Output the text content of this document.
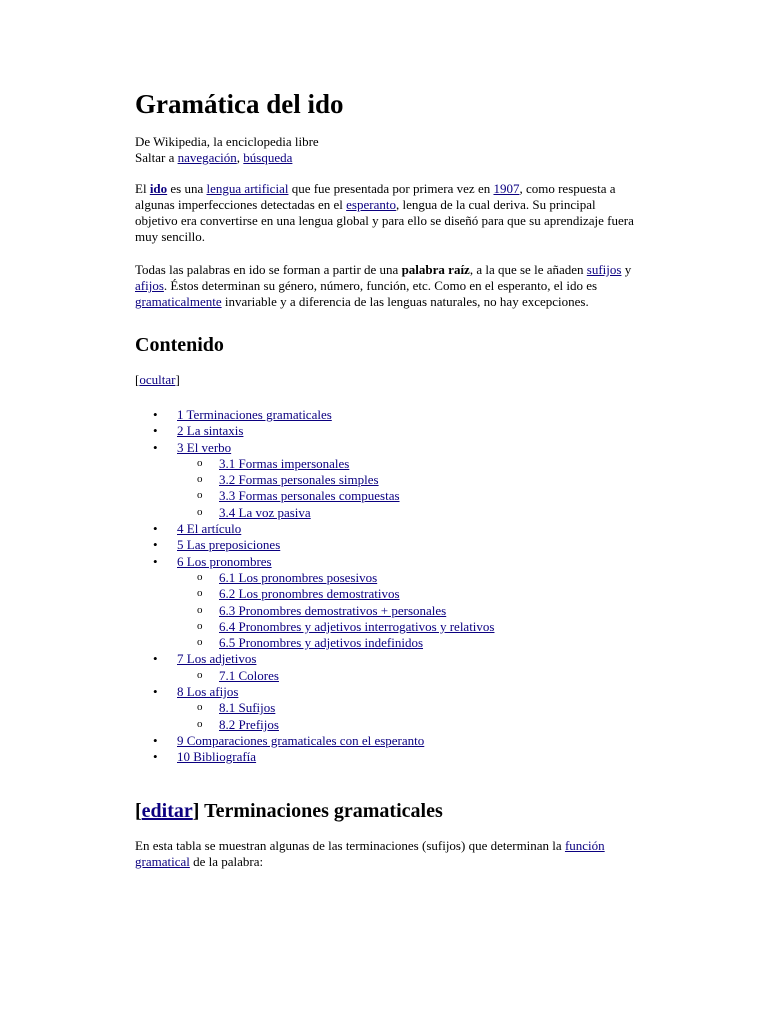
Gramática del ido

De Wikipedia, la enciclopedia libre
Saltar a navegación, búsqueda

El ido es una lengua artificial que fue presentada por primera vez en 1907, como respuesta a algunas imperfecciones detectadas en el esperanto, lengua de la cual deriva. Su principal objetivo era convertirse en una lengua global y para ello se diseñó para que su aprendizaje fuera muy sencillo.

Todas las palabras en ido se forman a partir de una palabra raíz, a la que se le añaden sufijos y afijos. Éstos determinan su género, número, función, etc. Como en el esperanto, el ido es gramaticalmente invariable y a diferencia de las lenguas naturales, no hay excepciones.

Contenido

[ocultar]

• 1 Terminaciones gramaticales
• 2 La sintaxis
• 3 El verbo
o 3.1 Formas impersonales
o 3.2 Formas personales simples
o 3.3 Formas personales compuestas
o 3.4 La voz pasiva
• 4 El artículo
• 5 Las preposiciones
• 6 Los pronombres
o 6.1 Los pronombres posesivos
o 6.2 Los pronombres demostrativos
o 6.3 Pronombres demostrativos + personales
o 6.4 Pronombres y adjetivos interrogativos y relativos
o 6.5 Pronombres y adjetivos indefinidos
• 7 Los adjetivos
o 7.1 Colores
• 8 Los afijos
o 8.1 Sufijos
o 8.2 Prefijos
• 9 Comparaciones gramaticales con el esperanto
• 10 Bibliografía
[editar] Terminaciones gramaticales

En esta tabla se muestran algunas de las terminaciones (sufijos) que determinan la función gramatical de la palabra:
